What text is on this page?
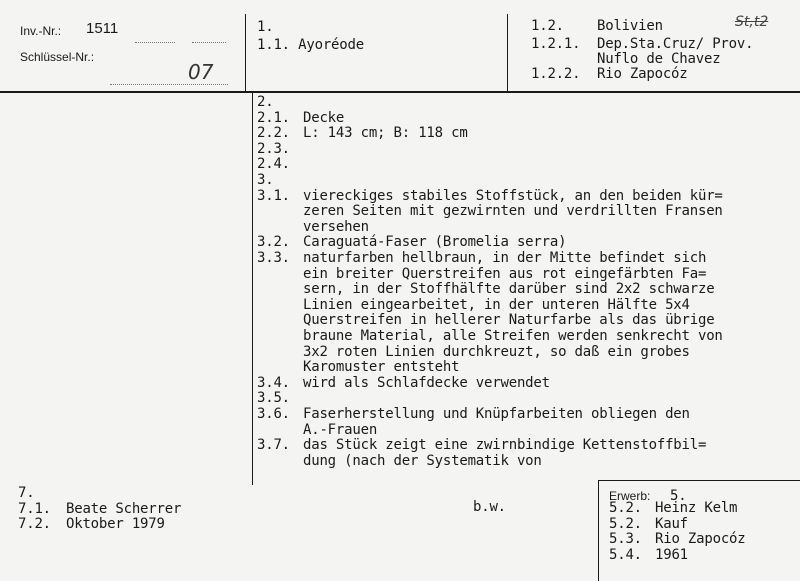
Inv.-Nr.: 1511
Schlüssel-Nr.:
07
1.
1.1. Ayoréode
1.2. Bolivien
1.2.1. Dep.Sta.Cruz/ Prov.
Nuflo de Chavez
1.2.2. Rio Zapocóz
St,t2
2.
2.1. Decke
2.2. L: 143 cm; B: 118 cm
2.3.
2.4.
3.
3.1. viereckiges stabiles Stoffstück, an den beiden kür=
zeren Seiten mit gezwirnten und verdrillten Fransen
versehen
3.2. Caraguatá-Faser (Bromelia serra)
3.3. naturfarben hellbraun, in der Mitte befindet sich
ein breiter Querstreifen aus rot eingefärbten Fa=
sern, in der Stoffhälfte darüber sind 2x2 schwarze
Linien eingearbeitet, in der unteren Hälfte 5x4
Querstreifen in hellerer Naturfarbe als das übrige
braune Material, alle Streifen werden senkrecht von
3x2 roten Linien durchkreuzt, so daß ein grobes
Karomuster entsteht
3.4. wird als Schlafdecke verwendet
3.5.
3.6. Faserherstellung und Knüpfarbeiten obliegen den
A.-Frauen
3.7. das Stück zeigt eine zwirnbindige Kettenstoffbil=
dung (nach der Systematik von
7.
7.1. Beate Scherrer
7.2. Oktober 1979
b.w.
Erwerb: 5.
5.2. Heinz Kelm
5.2. Kauf
5.3. Rio Zapocóz
5.4. 1961
